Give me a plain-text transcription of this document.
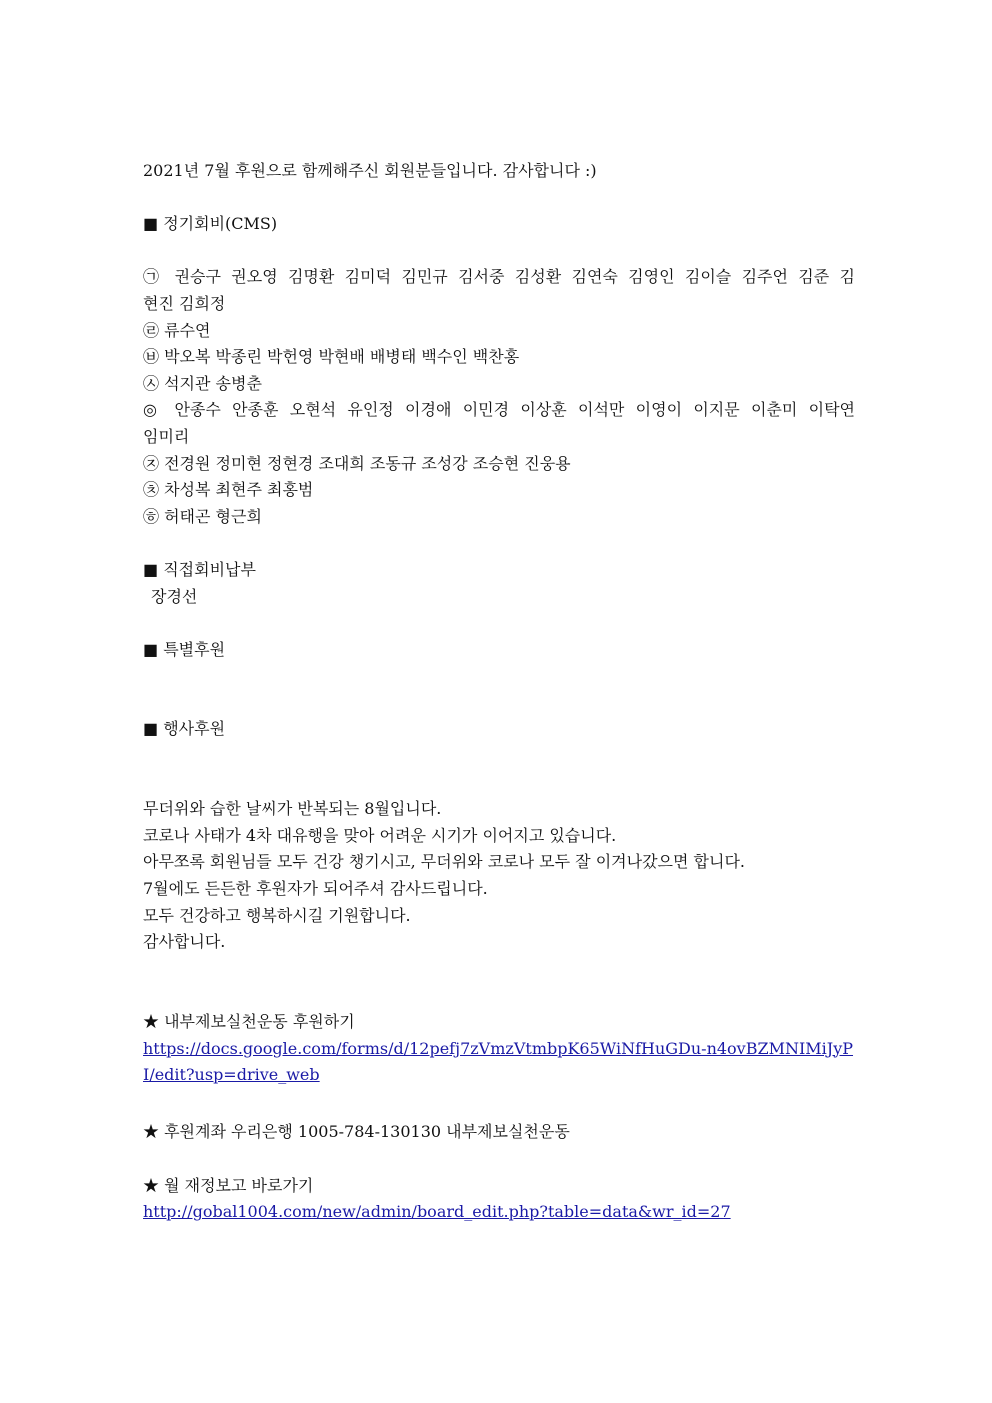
2021년 7월 후원으로 함께해주신 회원분들입니다. 감사합니다 :)
■ 정기회비(CMS)
㉠ 권승구 권오영 김명환 김미덕 김민규 김서중 김성환 김연숙 김영인 김이슬 김주언 김준 김
현진 김희정
㉣ 류수연
㉥ 박오복 박종린 박헌영 박현배 배병태 백수인 백찬홍
㉦ 석지관 송병춘
◎ 안종수 안종훈 오현석 유인정 이경애 이민경 이상훈 이석만 이영이 이지문 이춘미 이탁연
임미리
㉨ 전경원 정미현 정현경 조대희 조동규 조성강 조승현 진웅용
㉩ 차성복 최현주 최홍범
㉭ 허태곤 형근희
■ 직접회비납부
장경선
■ 특별후원
■ 행사후원
무더위와 습한 날씨가 반복되는 8월입니다.
코로나 사태가 4차 대유행을 맞아 어려운 시기가 이어지고 있습니다.
아무쪼록 회원님들 모두 건강 챙기시고, 무더위와 코로나 모두 잘 이겨나갔으면 합니다.
7월에도 든든한 후원자가 되어주셔 감사드립니다.
모두 건강하고 행복하시길 기원합니다.
감사합니다.
★ 내부제보실천운동 후원하기
https://docs.google.com/forms/d/12pefj7zVmzVtmbpK65WiNfHuGDu-n4ovBZMNIMiJyP
I/edit?usp=drive_web
★ 후원계좌 우리은행 1005-784-130130 내부제보실천운동
★ 월 재정보고 바로가기
http://gobal1004.com/new/admin/board_edit.php?table=data&wr_id=27
